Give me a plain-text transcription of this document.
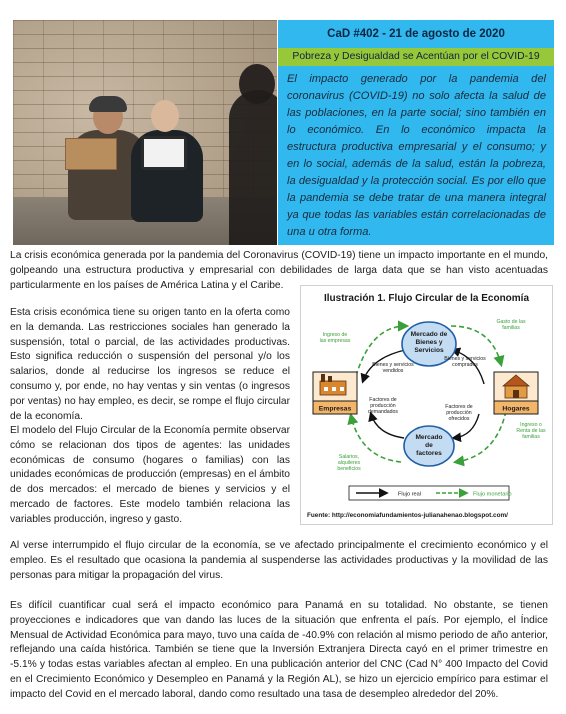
CaD #402 - 21 de agosto de 2020
Pobreza y Desigualdad se Acentúan por el COVID-19
El impacto generado por la pandemia del coronavirus (COVID-19) no solo afecta la salud de las poblaciones, en la parte social; sino también en lo económico. En lo económico impacta la estructura productiva empresarial y el consumo; y en lo social, además de la salud, están la pobreza, la desigualdad y la protección social. Es por ello que la pandemia se debe tratar de una manera integral ya que todas las variables están correlacionadas de una u otra forma.

La crisis económica generada por la pandemia del Coronavirus (COVID-19) tiene un impacto importante en el mundo, golpeando una estructura productiva y empresarial con debilidades de larga data que se han visto acentuadas particularmente en los países de América Latina y el Caribe.

Esta crisis económica tiene su origen tanto en la oferta como en la demanda. Las restricciones sociales han generado la suspensión, total o parcial, de las actividades productivas. Esto significa reducción o suspensión del personal y/o los salarios, donde al reducirse los ingresos se reduce el consumo y, por ende, no hay ventas y sin ventas (o ingresos por ventas) no hay empleo, es decir, se rompe el flujo circular de la economía.

El modelo del Flujo Circular de la Economía permite observar cómo se relacionan dos tipos de agentes: las unidades económicas de consumo (hogares o familias) con las unidades económicas de producción (empresas) en el ámbito de dos mercados: el mercado de bienes y servicios y el mercado de factores. Este modelo también relaciona las variables producción, ingreso y gasto.

Al verse interrumpido el flujo circular de la economía, se ve afectado principalmente el crecimiento económico y el empleo. Es el resultado que ocasiona la pandemia al suspenderse las actividades productivas y la movilidad de las personas para mitigar la propagación del virus.

Es difícil cuantificar cual será el impacto económico para Panamá en su totalidad. No obstante, se tienen proyecciones e indicadores que van dando las luces de la situación que enfrenta el país. Por ejemplo, el Índice Mensual de Actividad Económica para mayo, tuvo una caída de -40.9% con relación al mismo periodo de año anterior, reflejando una caída histórica. También se tiene que la Inversión Extranjera Directa cayó en el primer trimestre en -5.1% y todas estas variables afectan al empleo. En una publicación anterior del CNC (Cad N° 400 Impacto del Covid en el Crecimiento Económico y Desempleo en Panamá y la Región AL), se hizo un ejercicio empírico para estimar el impacto del Covid en el mercado laboral, dando como resultado una tasa de desempleo alrededor del 20%.

Ilustración 1. Flujo Circular de la Economía
Mercado de
Bienes y
Servicios
Mercado
de
factores
Empresas	Hogares
Ingreso de
las empresas
Gasto de las
familias
Salarios,
alquileres
beneficios
Ingreso o
Renta de las
familias
Bienes y servicios
vendidos
Bienes y servicios
comprados
Factores de
producción
demandados
Factores de
producción
ofrecidos
Flujo real	Flujo monetario
Fuente: http://economiafundamientos-julianahenao.blogspot.com/
